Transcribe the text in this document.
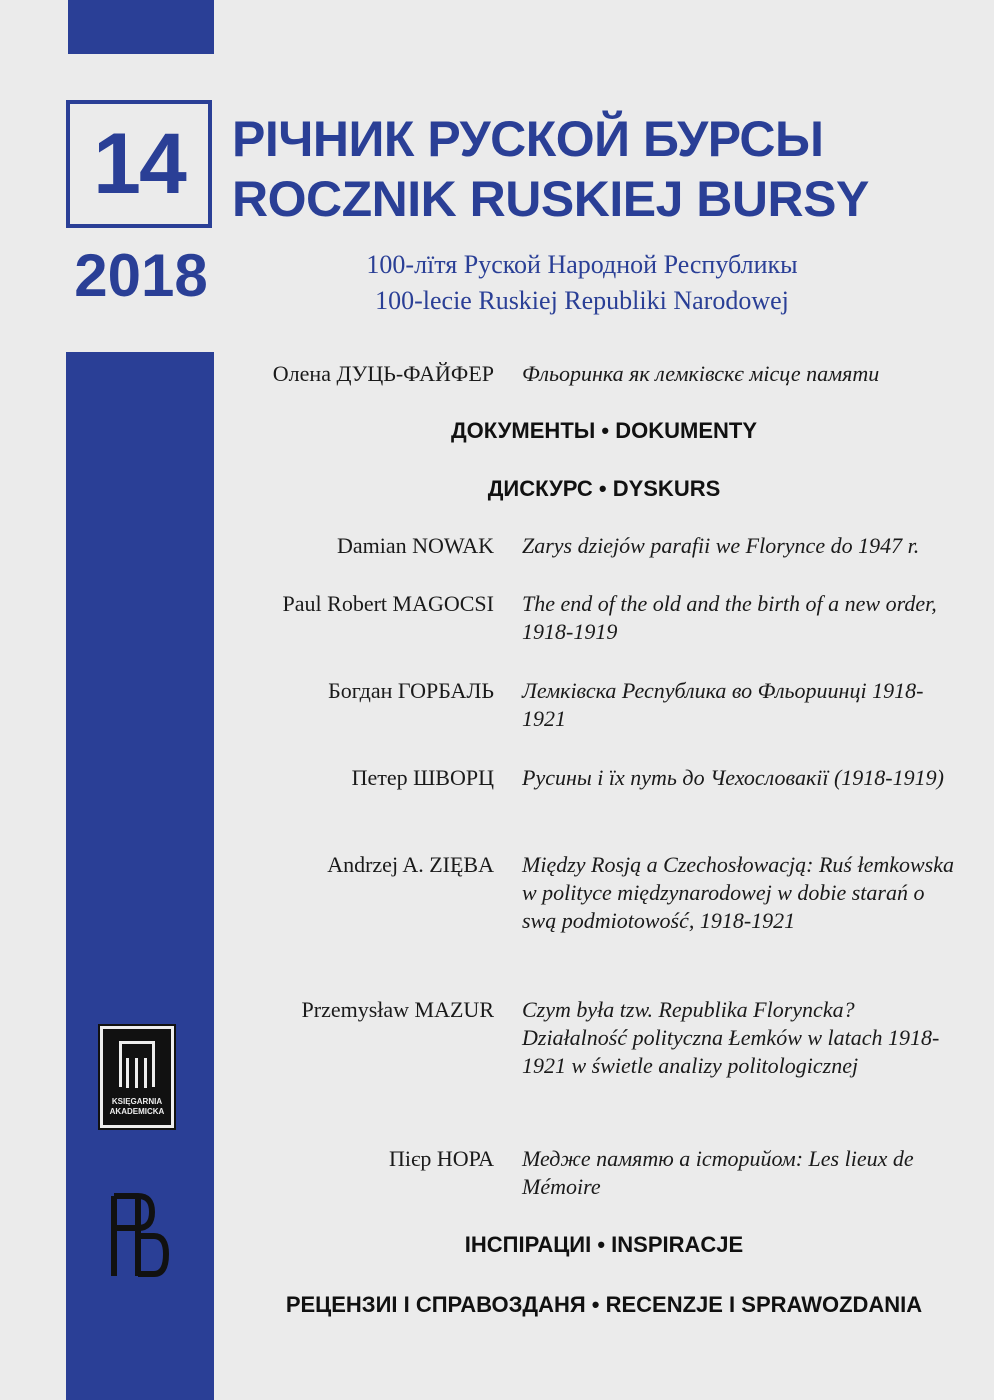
14
2018
РІЧНИК РУСКОЙ БУРСЫ
ROCZNIK RUSKIEJ BURSY
100-лїтя Руской Народной Республикы
100-lecie Ruskiej Republiki Narodowej
Олена ДУЦЬ-ФАЙФЕР Фльоринка як лемківскє місце памяти
ДОКУМЕНТЫ • DOKUMENTY
ДИСКУРС • DYSKURS
Damian NOWAK Zarys dziejów parafii we Florynce do 1947 r.
Paul Robert MAGOCSI The end of the old and the birth of a new order, 1918-1919
Богдан ГОРБАЛЬ Лемківска Республика во Фльориинці 1918-1921
Петер ШВОРЦ Русины і їх путь до Чехословакії (1918-1919)
Andrzej A. ZIĘBA Między Rosją a Czechosłowacją: Ruś łemkowska w polityce międzynarodowej w dobie starań o swą podmiotowość, 1918-1921
Przemysław MAZUR Czym była tzw. Republika Floryncka? Działalność polityczna Łemków w latach 1918-1921 w świetle analizy politologicznej
Пієр НОРА Меджe памятю а історийом: Les lieux de Mémoire
ІНСПІРАЦИІ • INSPIRACJE
РЕЦЕНЗИІ І СПРАВОЗДАНЯ • RECENZJE I SPRAWOZDANIA
KSIĘGARNIA
AKADEMICKA
